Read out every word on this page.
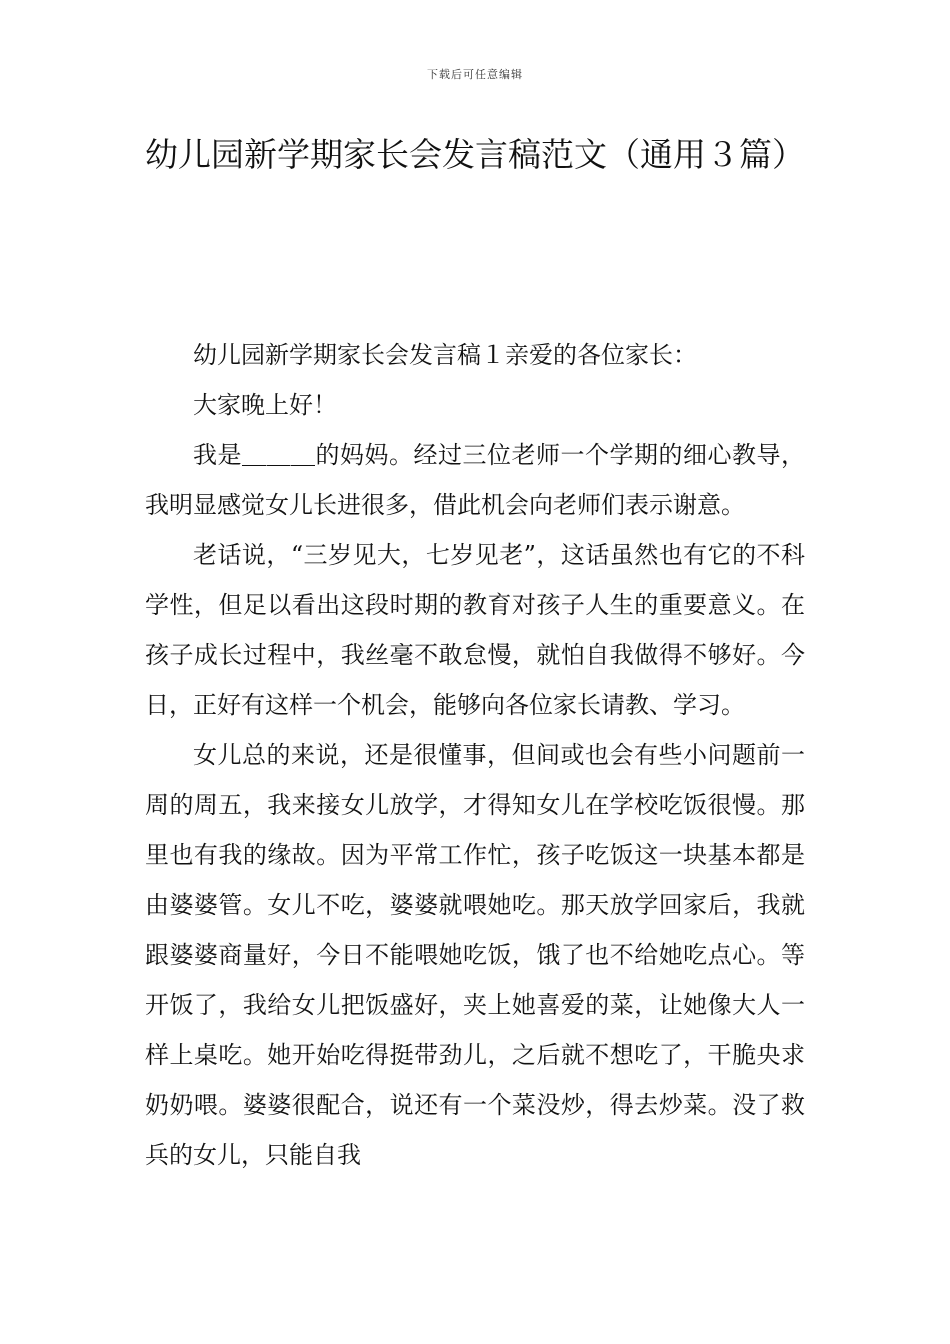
下载后可任意编辑
幼儿园新学期家长会发言稿范文（通用３篇）

幼儿园新学期家长会发言稿１亲爱的各位家长：

大家晚上好！

我是＿＿＿的妈妈。经过三位老师一个学期的细心教导，我明显感觉女儿长进很多，借此机会向老师们表示谢意。

老话说，“三岁见大，七岁见老”，这话虽然也有它的不科学性，但足以看出这段时期的教育对孩子人生的重要意义。在孩子成长过程中，我丝毫不敢怠慢，就怕自我做得不够好。今日，正好有这样一个机会，能够向各位家长请教、学习。

女儿总的来说，还是很懂事，但间或也会有些小问题前一周的周五，我来接女儿放学，才得知女儿在学校吃饭很慢。那里也有我的缘故。因为平常工作忙，孩子吃饭这一块基本都是由婆婆管。女儿不吃，婆婆就喂她吃。那天放学回家后，我就跟婆婆商量好，今日不能喂她吃饭，饿了也不给她吃点心。等开饭了，我给女儿把饭盛好，夹上她喜爱的菜，让她像大人一样上桌吃。她开始吃得挺带劲儿，之后就不想吃了，干脆央求奶奶喂。婆婆很配合，说还有一个菜没炒，得去炒菜。没了救兵的女儿，只能自我
